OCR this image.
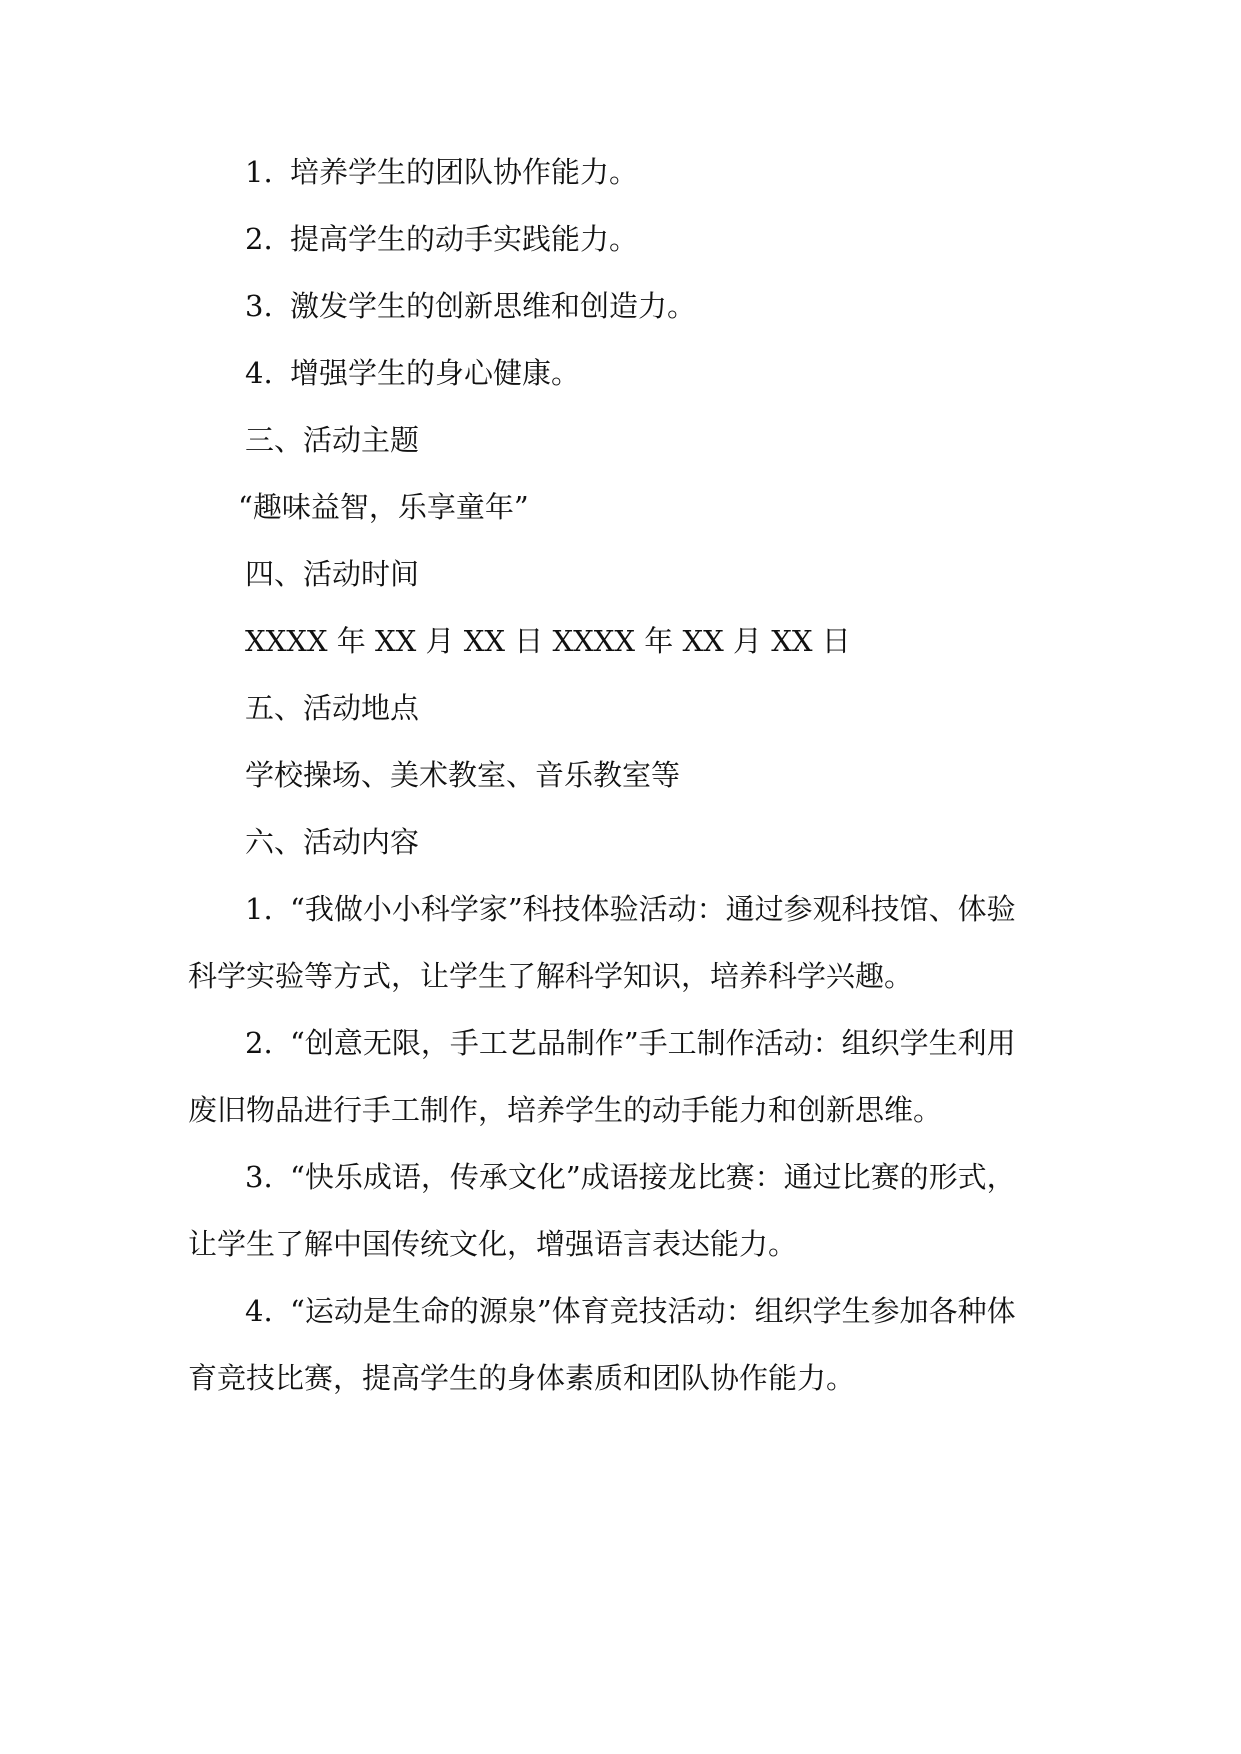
1. 培养学生的团队协作能力。
2. 提高学生的动手实践能力。
3. 激发学生的创新思维和创造力。
4. 增强学生的身心健康。
三、活动主题
“趣味益智，乐享童年”
四、活动时间
XXXX 年 XX 月 XX 日 XXXX 年 XX 月 XX 日
五、活动地点
学校操场、美术教室、音乐教室等
六、活动内容
1. “我做小小科学家”科技体验活动：通过参观科技馆、体验
科学实验等方式，让学生了解科学知识，培养科学兴趣。
2. “创意无限，手工艺品制作”手工制作活动：组织学生利用
废旧物品进行手工制作，培养学生的动手能力和创新思维。
3. “快乐成语，传承文化”成语接龙比赛：通过比赛的形式，
让学生了解中国传统文化，增强语言表达能力。
4. “运动是生命的源泉”体育竞技活动：组织学生参加各种体
育竞技比赛，提高学生的身体素质和团队协作能力。
